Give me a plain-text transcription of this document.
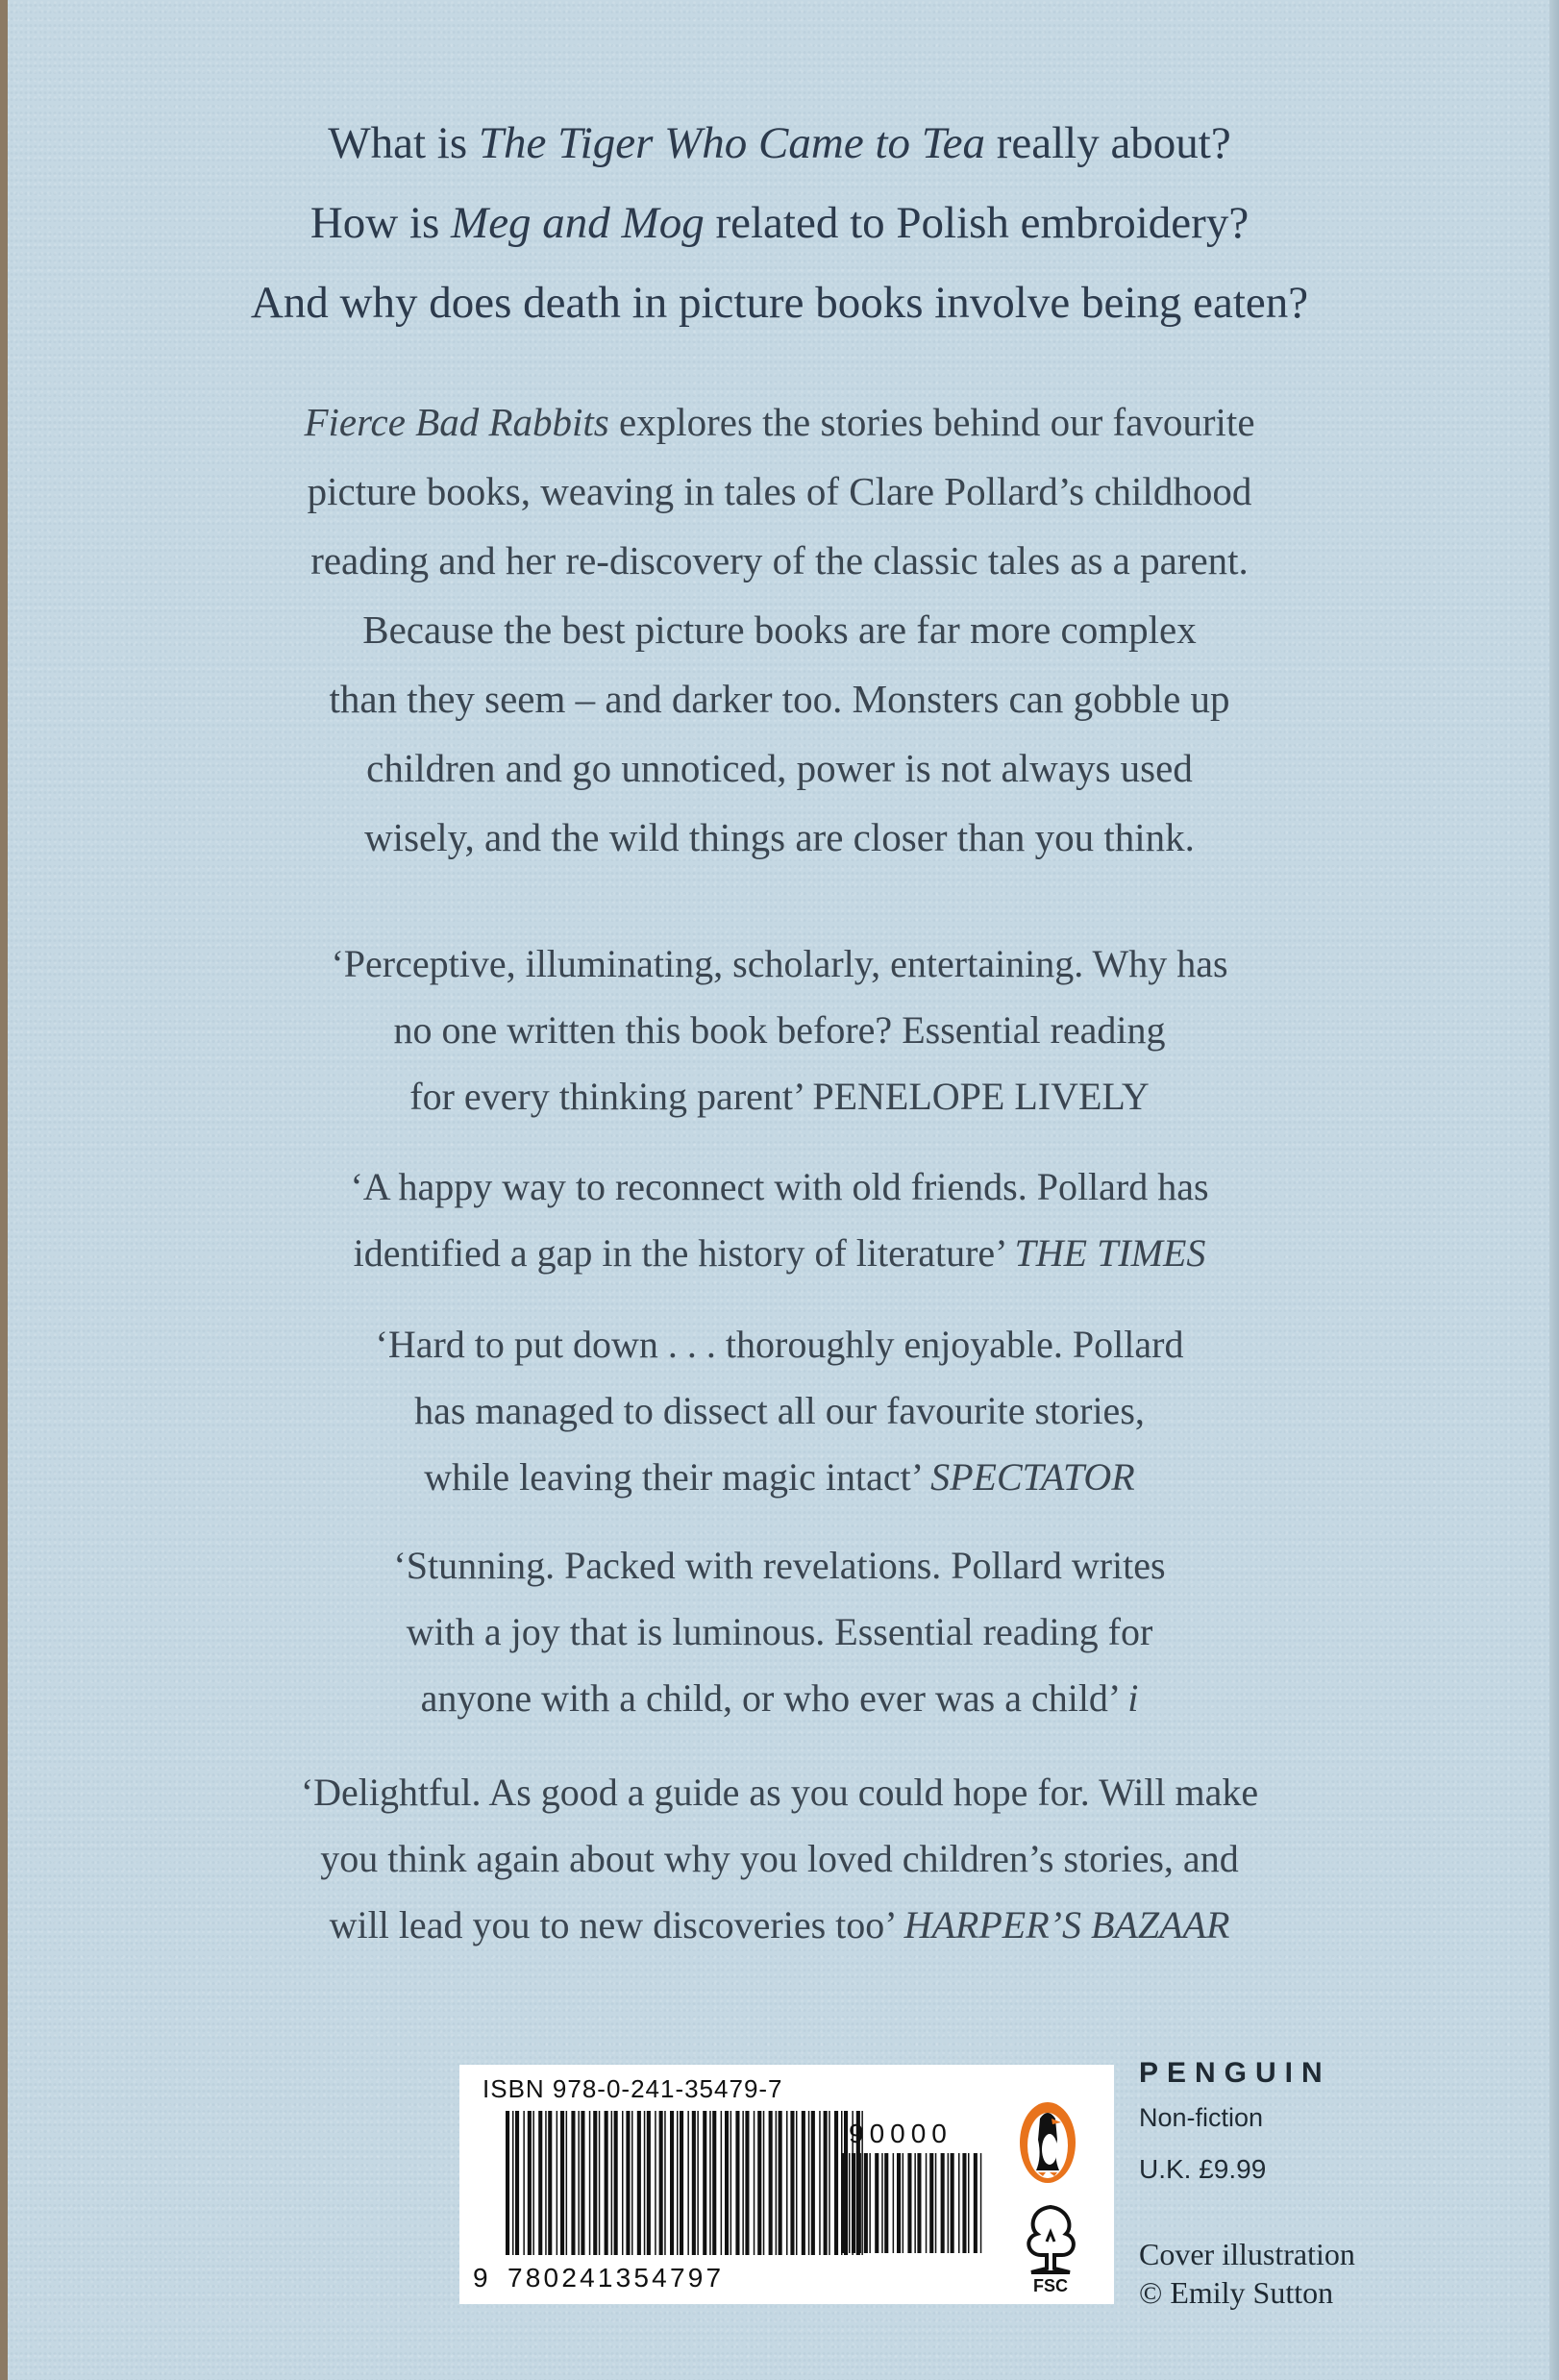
What is The Tiger Who Came to Tea really about?
How is Meg and Mog related to Polish embroidery?
And why does death in picture books involve being eaten?
Fierce Bad Rabbits explores the stories behind our favourite
picture books, weaving in tales of Clare Pollard’s childhood
reading and her re-discovery of the classic tales as a parent.
Because the best picture books are far more complex
than they seem – and darker too. Monsters can gobble up
children and go unnoticed, power is not always used
wisely, and the wild things are closer than you think.
‘Perceptive, illuminating, scholarly, entertaining. Why has
no one written this book before? Essential reading
for every thinking parent’ PENELOPE LIVELY
‘A happy way to reconnect with old friends. Pollard has
identified a gap in the history of literature’ THE TIMES
‘Hard to put down . . . thoroughly enjoyable. Pollard
has managed to dissect all our favourite stories,
while leaving their magic intact’ SPECTATOR
‘Stunning. Packed with revelations. Pollard writes
with a joy that is luminous. Essential reading for
anyone with a child, or who ever was a child’ i
‘Delightful. As good a guide as you could hope for. Will make
you think again about why you loved children’s stories, and
will lead you to new discoveries too’ HARPER’S BAZAAR
ISBN 978-0-241-35479-7
90000
9 780241354797	FSC
PENGUIN
Non-fiction
U.K. £9.99
Cover illustration
© Emily Sutton
